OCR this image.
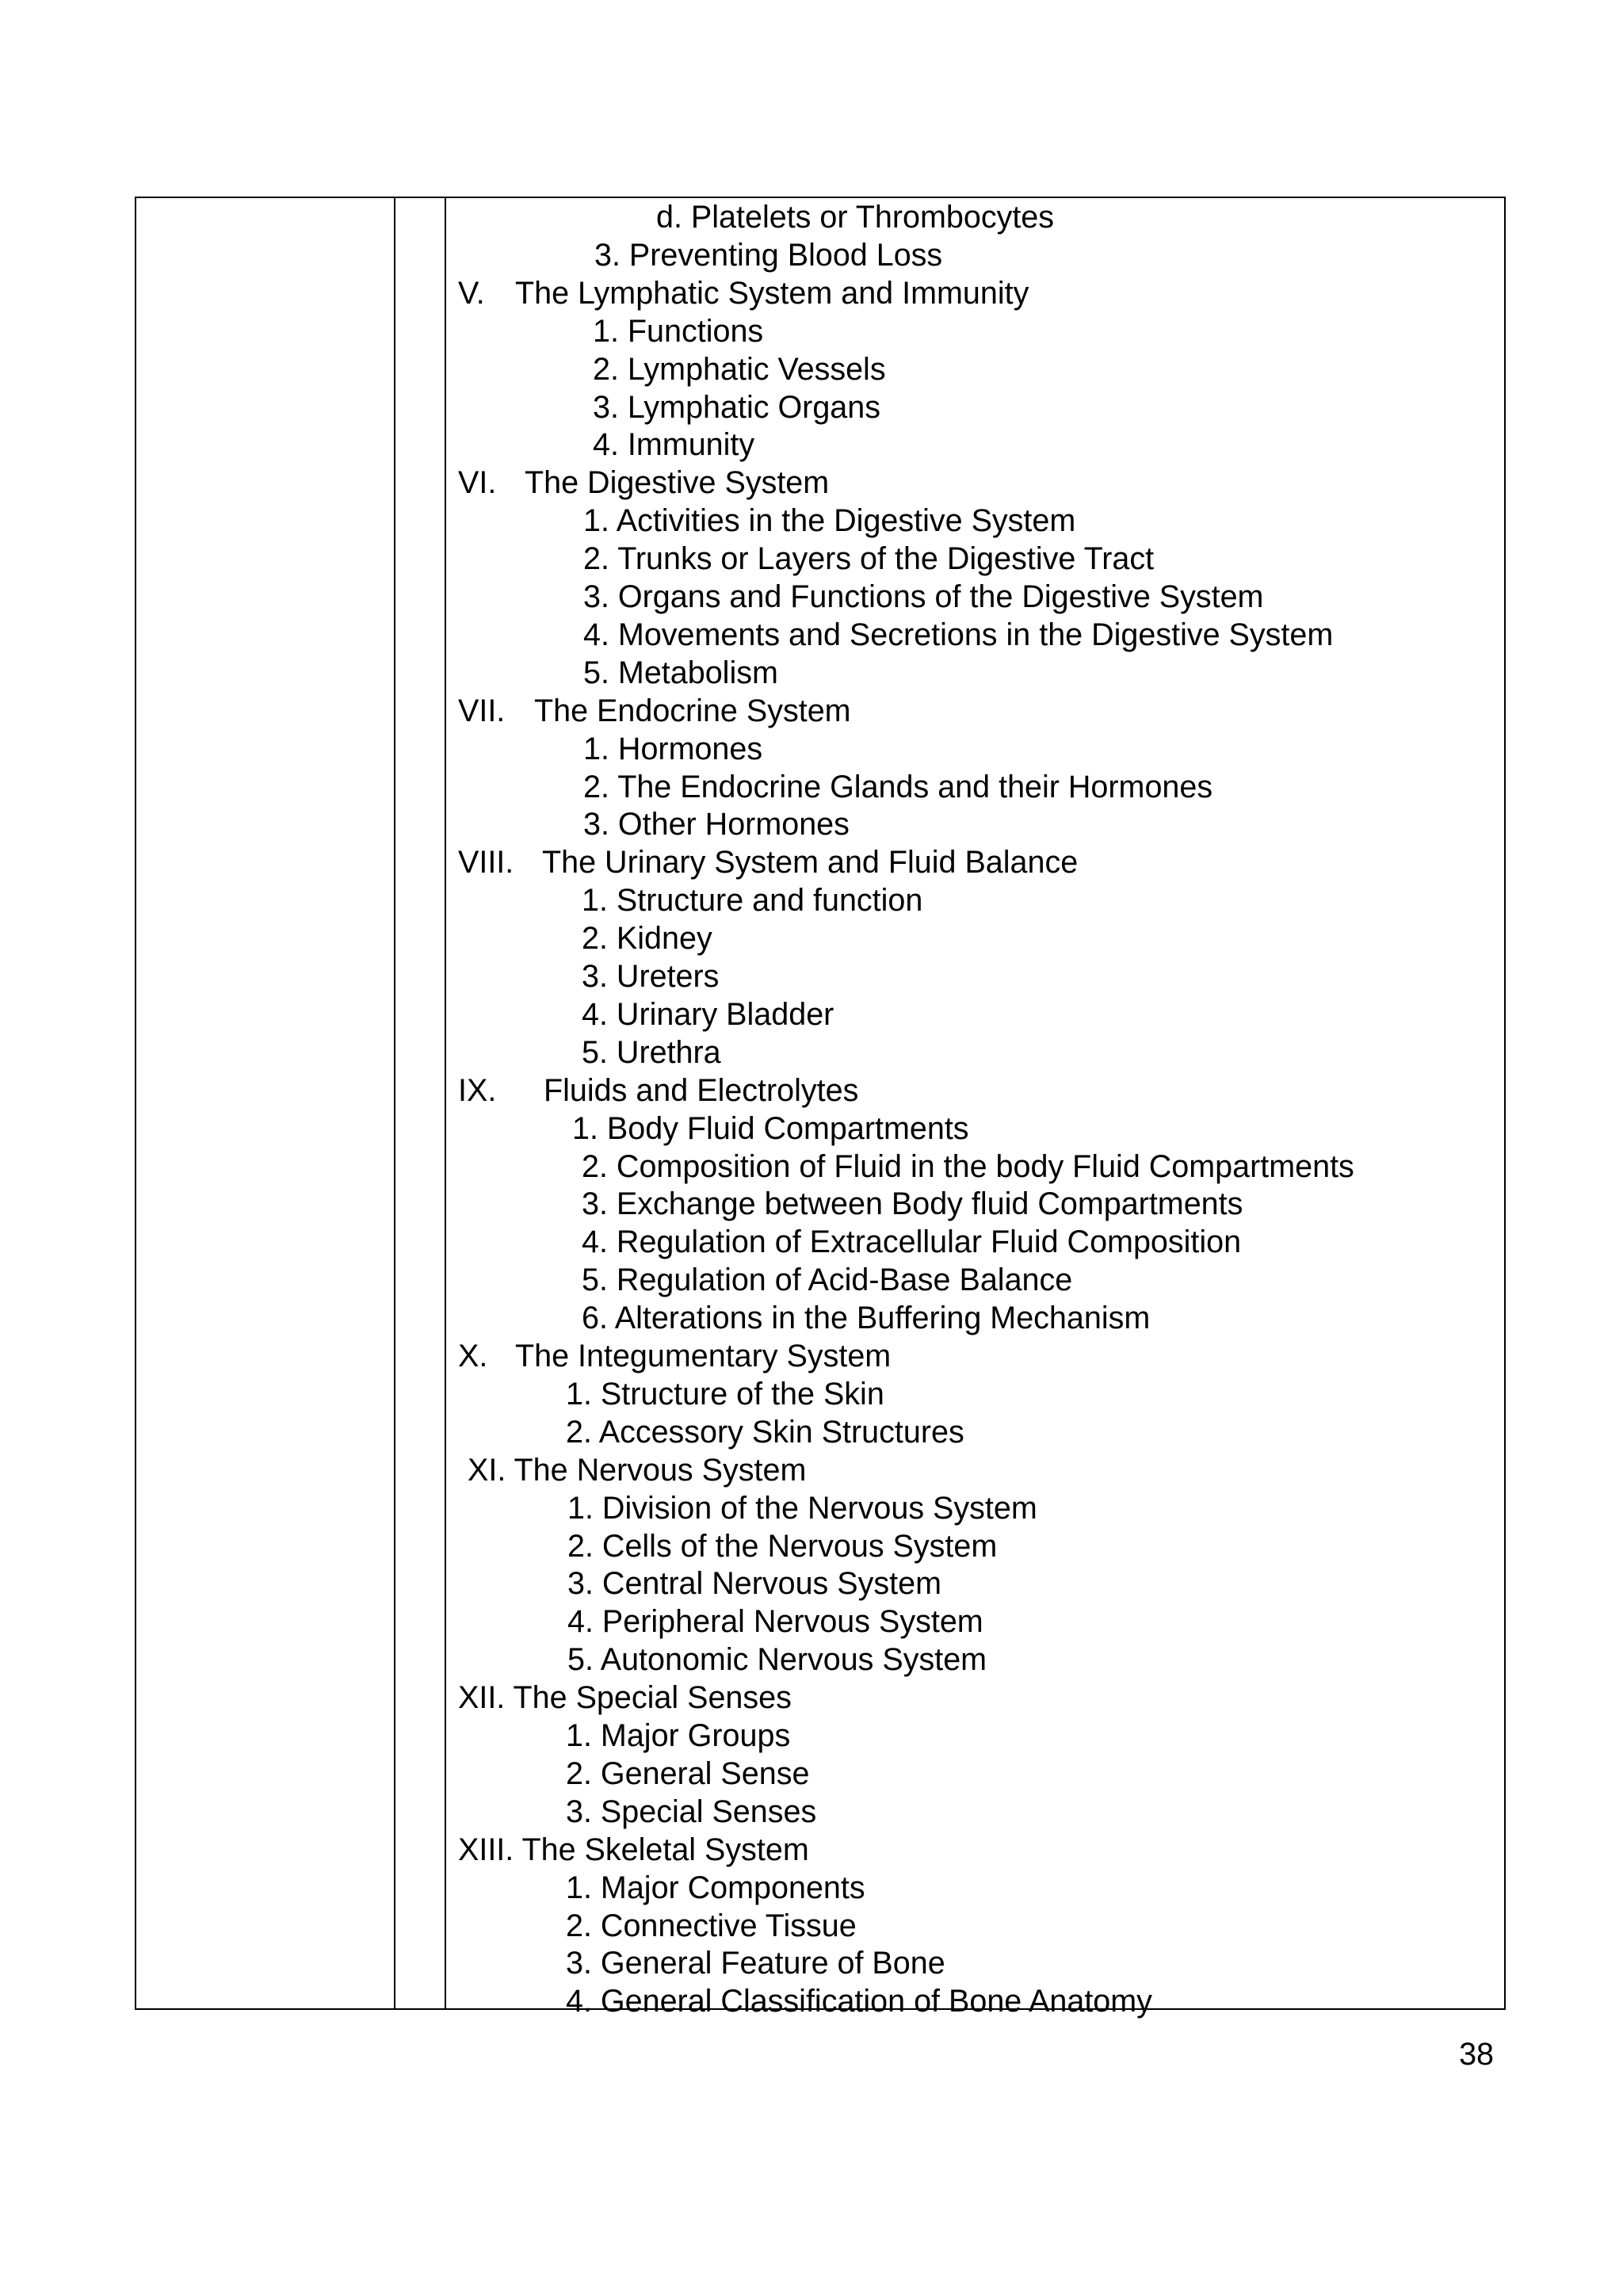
d. Platelets or Thrombocytes
3. Preventing Blood Loss
V. The Lymphatic System and Immunity
1. Functions
2. Lymphatic Vessels
3. Lymphatic Organs
4. Immunity
VI. The Digestive System
1. Activities in the Digestive System
2. Trunks or Layers of the Digestive Tract
3. Organs and Functions of the Digestive System
4. Movements and Secretions in the Digestive System
5. Metabolism
VII. The Endocrine System
1. Hormones
2. The Endocrine Glands and their Hormones
3. Other Hormones
VIII. The Urinary System and Fluid Balance
1. Structure and function
2. Kidney
3. Ureters
4. Urinary Bladder
5. Urethra
IX. Fluids and Electrolytes
1. Body Fluid Compartments
2. Composition of Fluid in the body Fluid Compartments
3. Exchange between Body fluid Compartments
4. Regulation of Extracellular Fluid Composition
5. Regulation of Acid-Base Balance
6. Alterations in the Buffering Mechanism
X. The Integumentary System
1. Structure of the Skin
2. Accessory Skin Structures
XI. The Nervous System
1. Division of the Nervous System
2. Cells of the Nervous System
3. Central Nervous System
4. Peripheral Nervous System
5. Autonomic Nervous System
XII. The Special Senses
1. Major Groups
2. General Sense
3. Special Senses
XIII. The Skeletal System
1. Major Components
2. Connective Tissue
3. General Feature of Bone
4. General Classification of Bone Anatomy
38
